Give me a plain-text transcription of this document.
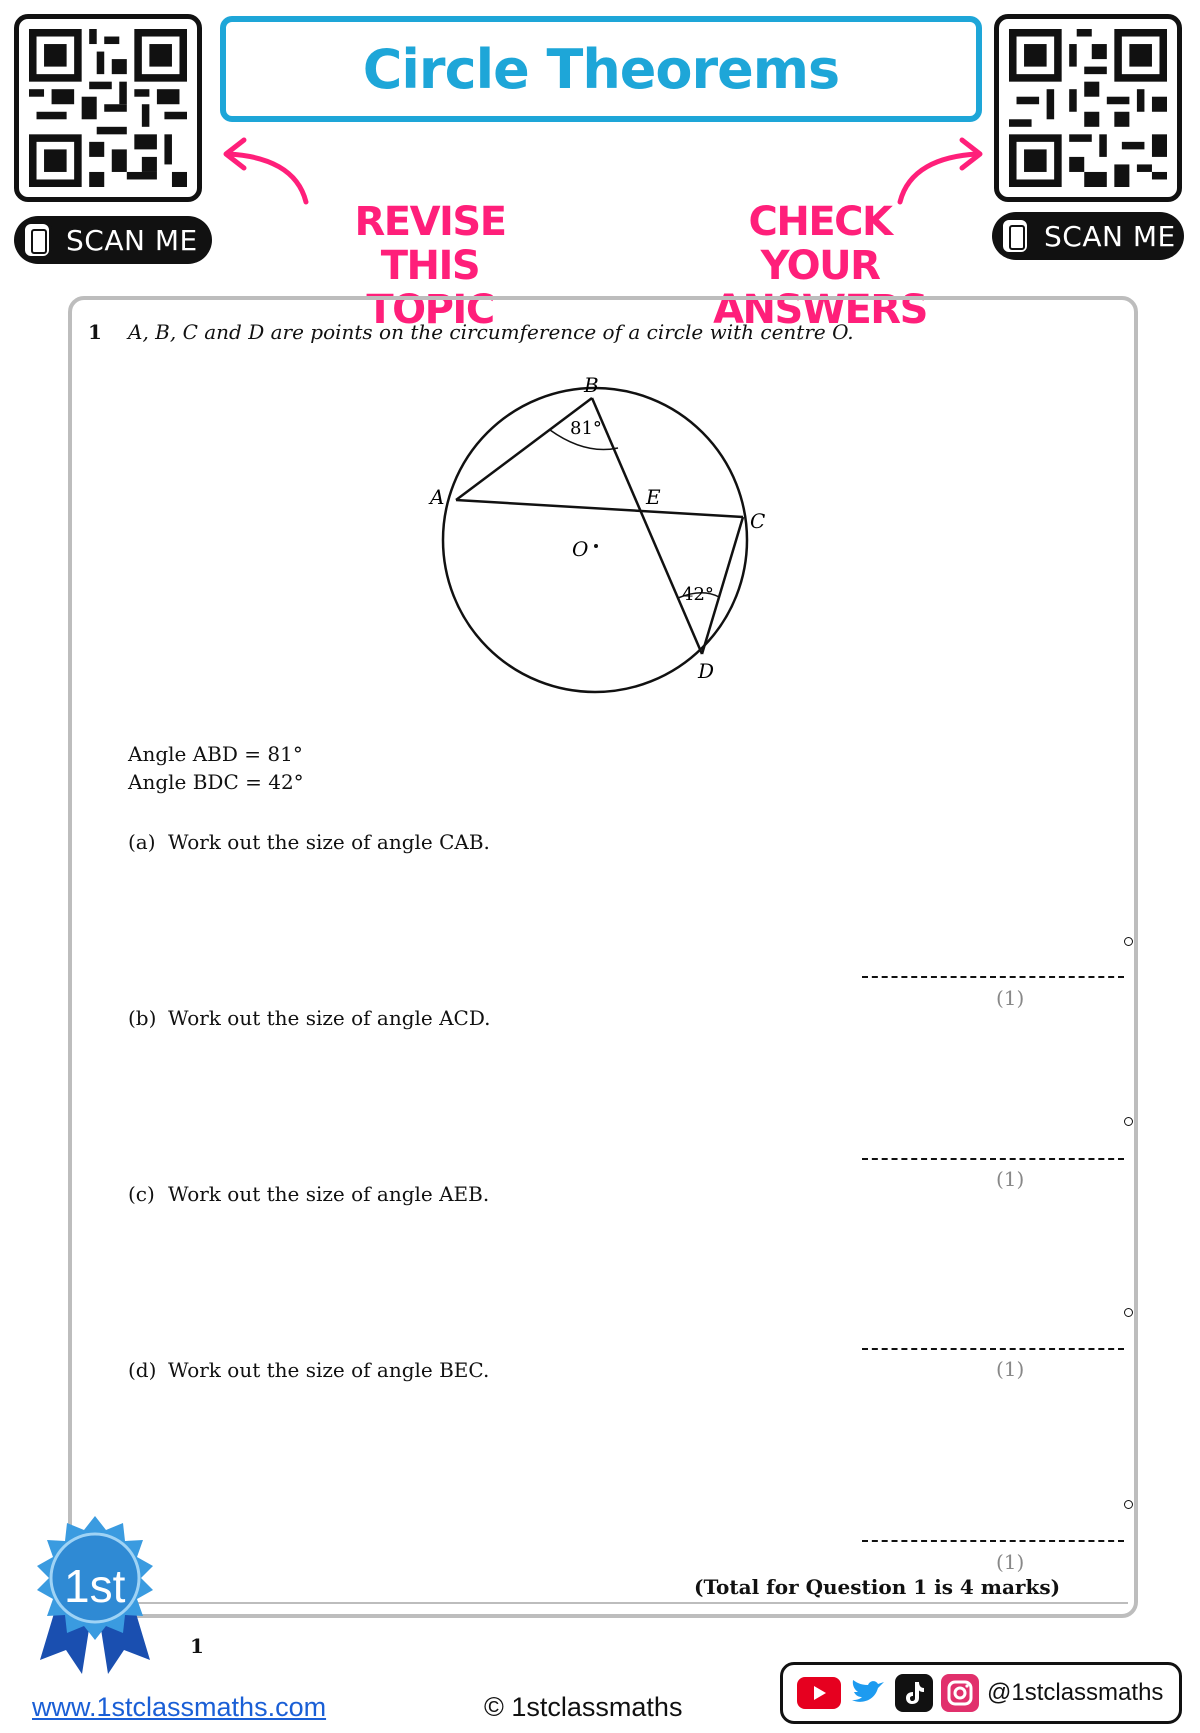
SCAN ME
Circle Theorems
SCAN ME
REVISE THIS
TOPIC
CHECK YOUR
ANSWERS
1 A, B, C and D are points on the circumference of a circle with centre O.
B
A	E
C
D
O
81°
42°
Angle ABD = 81°
Angle BDC = 42°
(a) Work out the size of angle CAB.
(1)
(b) Work out the size of angle ACD.
(1)
(c) Work out the size of angle AEB.
(1)
(d) Work out the size of angle BEC.
(1)
(Total for Question 1 is 4 marks)
1st
1
www.1stclassmaths.com	© 1stclassmaths	@1stclassmaths
